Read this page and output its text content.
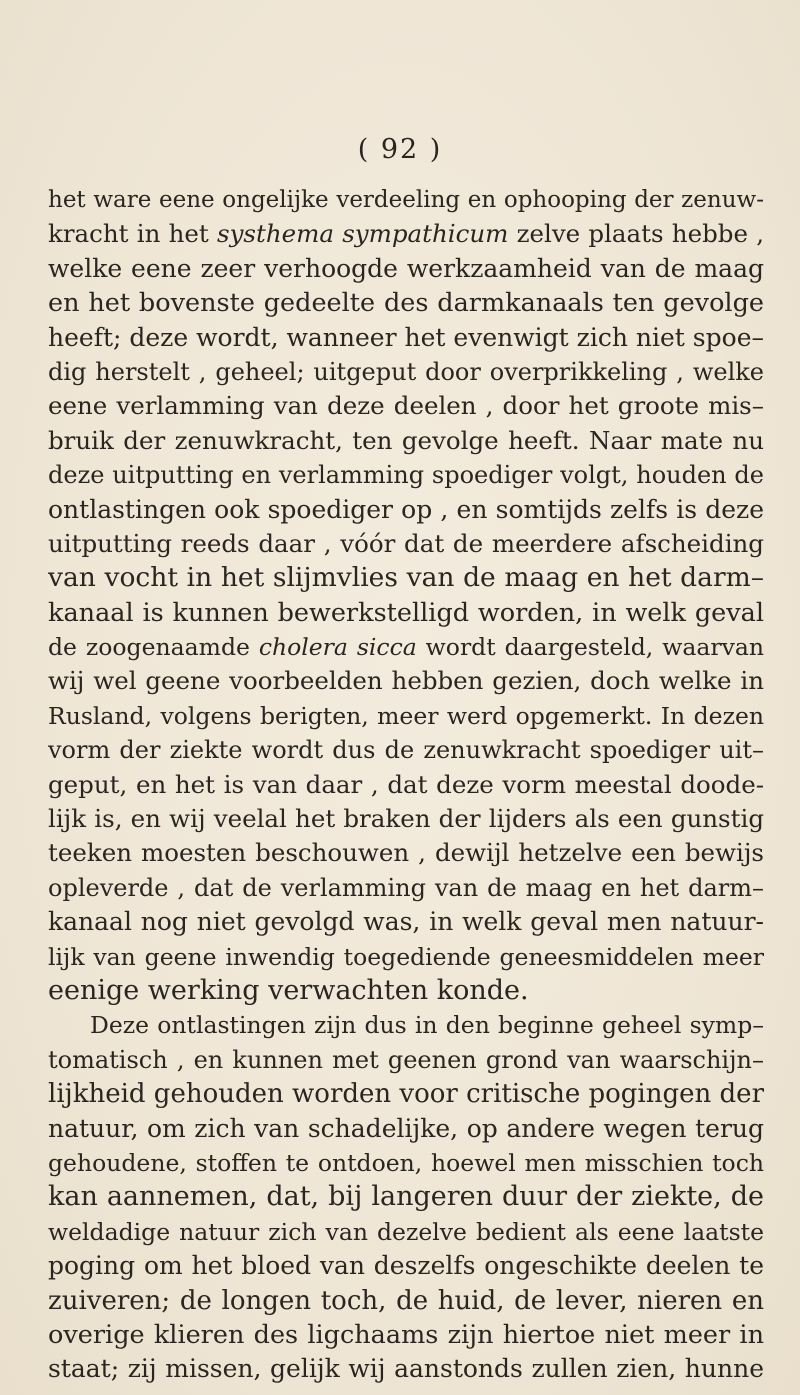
( 92 )
het ware eene ongelijke verdeeling en ophooping der zenuw-
kracht in het systhema sympathicum zelve plaats hebbe ,
welke eene zeer verhoogde werkzaamheid van de maag
en het bovenste gedeelte des darmkanaals ten gevolge
heeft; deze wordt, wanneer het evenwigt zich niet spoe–
dig herstelt , geheel; uitgeput door overprikkeling , welke
eene verlamming van deze deelen , door het groote mis–
bruik der zenuwkracht, ten gevolge heeft. Naar mate nu
deze uitputting en verlamming spoediger volgt, houden de
ontlastingen ook spoediger op , en somtijds zelfs is deze
uitputting reeds daar , vóór dat de meerdere afscheiding
van vocht in het slijmvlies van de maag en het darm–
kanaal is kunnen bewerkstelligd worden, in welk geval
de zoogenaamde cholera sicca wordt daargesteld, waarvan
wij wel geene voorbeelden hebben gezien, doch welke in
Rusland, volgens berigten, meer werd opgemerkt. In dezen
vorm der ziekte wordt dus de zenuwkracht spoediger uit–
geput, en het is van daar , dat deze vorm meestal doode-
lijk is, en wij veelal het braken der lijders als een gunstig
teeken moesten beschouwen , dewijl hetzelve een bewijs
opleverde , dat de verlamming van de maag en het darm–
kanaal nog niet gevolgd was, in welk geval men natuur-
lijk van geene inwendig toegediende geneesmiddelen meer
eenige werking verwachten konde.
Deze ontlastingen zijn dus in den beginne geheel symp–
tomatisch , en kunnen met geenen grond van waarschijn–
lijkheid gehouden worden voor critische pogingen der
natuur, om zich van schadelijke, op andere wegen terug
gehoudene, stoffen te ontdoen, hoewel men misschien toch
kan aannemen, dat, bij langeren duur der ziekte, de
weldadige natuur zich van dezelve bedient als eene laatste
poging om het bloed van deszelfs ongeschikte deelen te
zuiveren; de longen toch, de huid, de lever, nieren en
overige klieren des ligchaams zijn hiertoe niet meer in
staat; zij missen, gelijk wij aanstonds zullen zien, hunne
